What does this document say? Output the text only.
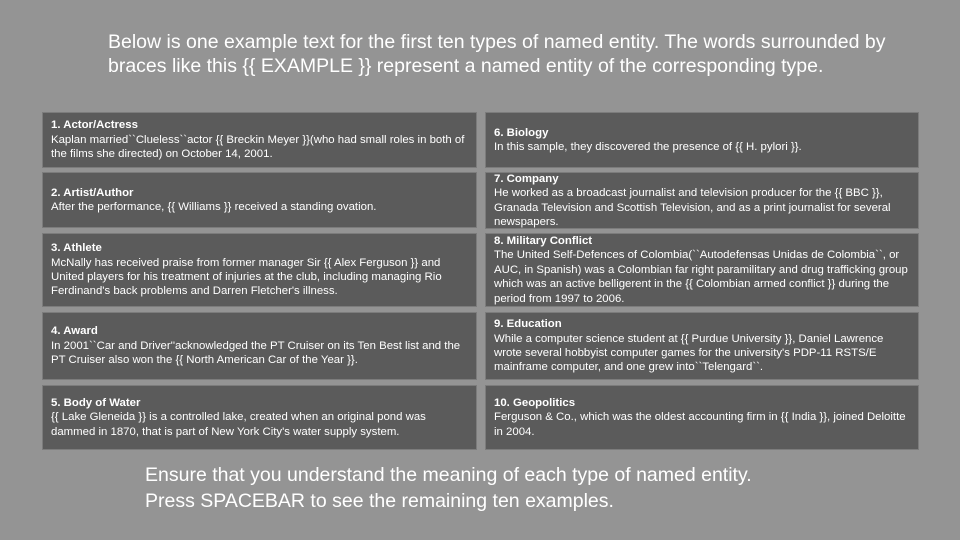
Below is one example text for the first ten types of named entity. The words surrounded by braces like this {{ EXAMPLE }} represent a named entity of the corresponding type.

1. Actor/Actress
Kaplan married``Clueless``actor {{ Breckin Meyer }}(who had small roles in both of the films she directed) on October 14, 2001.
2. Artist/Author
After the performance, {{ Williams }} received a standing ovation.
3. Athlete
McNally has received praise from former manager Sir {{ Alex Ferguson }} and United players for his treatment of injuries at the club, including managing Rio Ferdinand's back problems and Darren Fletcher's illness.
4. Award
In 2001``Car and Driver''acknowledged the PT Cruiser on its Ten Best list and the PT Cruiser also won the {{ North American Car of the Year }}.
5. Body of Water
{{ Lake Gleneida }} is a controlled lake, created when an original pond was dammed in 1870, that is part of New York City's water supply system.
6. Biology
In this sample, they discovered the presence of {{ H. pylori }}.
7. Company
He worked as a broadcast journalist and television producer for the {{ BBC }}, Granada Television and Scottish Television, and as a print journalist for several newspapers.
8. Military Conflict
The United Self-Defences of Colombia(``Autodefensas Unidas de Colombia``, or AUC, in Spanish) was a Colombian far right paramilitary and drug trafficking group which was an active belligerent in the {{ Colombian armed conflict }} during the period from 1997 to 2006.
9. Education
While a computer science student at {{ Purdue University }}, Daniel Lawrence wrote several hobbyist computer games for the university's PDP-11 RSTS/E mainframe computer, and one grew into``Telengard``.
10. Geopolitics
Ferguson & Co., which was the oldest accounting firm in {{ India }}, joined Deloitte in 2004.

Ensure that you understand the meaning of each type of named entity.
Press SPACEBAR to see the remaining ten examples.
